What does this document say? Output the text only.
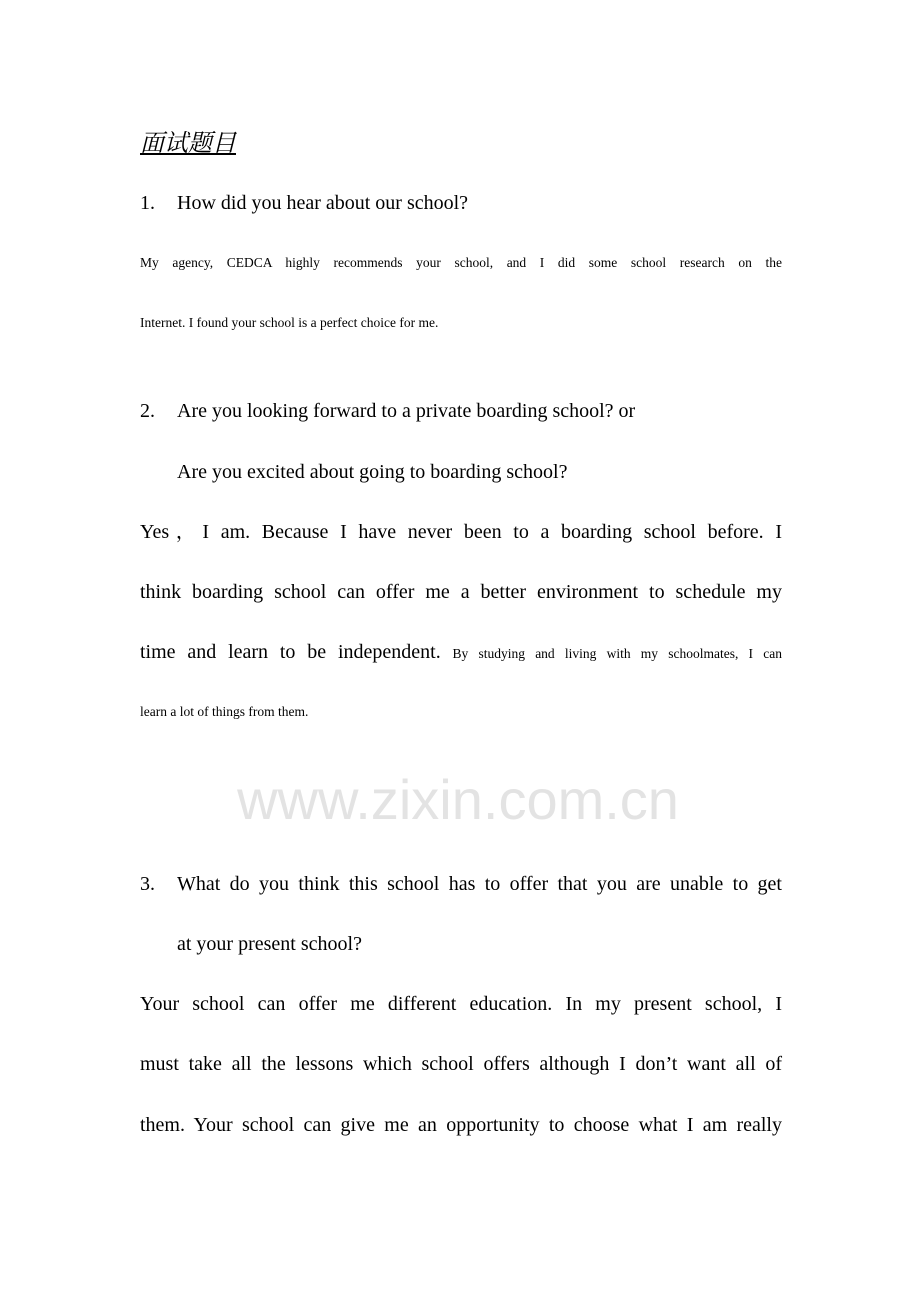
www.zixin.com.cn
面试题目
1. How did you hear about our school?
My agency, CEDCA highly recommends your school, and I did some school research on the
Internet. I found your school is a perfect choice for me.
2. Are you looking forward to a private boarding school? or
Are you excited about going to boarding school?
Yes，I am. Because I have never been to a boarding school before. I
think boarding school can offer me a better environment to schedule my
time and learn to be independent. By studying and living with my schoolmates, I can
learn a lot of things from them.
3. What do you think this school has to offer that you are unable to get
at your present school?
Your school can offer me different education. In my present school, I
must take all the lessons which school offers although I don’t want all of
them. Your school can give me an opportunity to choose what I am really
